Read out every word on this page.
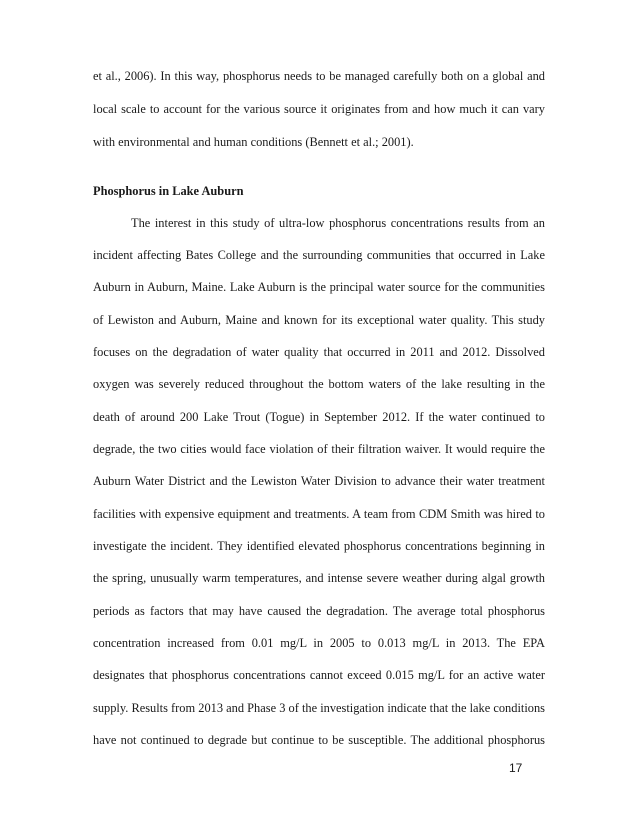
et al., 2006). In this way, phosphorus needs to be managed carefully both on a global and
local scale to account for the various source it originates from and how much it can vary
with environmental and human conditions (Bennett et al.; 2001).
Phosphorus in Lake Auburn
The interest in this study of ultra-low phosphorus concentrations results from an
incident affecting Bates College and the surrounding communities that occurred in Lake
Auburn in Auburn, Maine. Lake Auburn is the principal water source for the communities
of Lewiston and Auburn, Maine and known for its exceptional water quality. This study
focuses on the degradation of water quality that occurred in 2011 and 2012. Dissolved
oxygen was severely reduced throughout the bottom waters of the lake resulting in the
death of around 200 Lake Trout (Togue) in September 2012. If the water continued to
degrade, the two cities would face violation of their filtration waiver. It would require the
Auburn Water District and the Lewiston Water Division to advance their water treatment
facilities with expensive equipment and treatments. A team from CDM Smith was hired to
investigate the incident. They identified elevated phosphorus concentrations beginning in
the spring, unusually warm temperatures, and intense severe weather during algal growth
periods as factors that may have caused the degradation. The average total phosphorus
concentration increased from 0.01 mg/L in 2005 to 0.013 mg/L in 2013. The EPA
designates that phosphorus concentrations cannot exceed 0.015 mg/L for an active water
supply. Results from 2013 and Phase 3 of the investigation indicate that the lake conditions
have not continued to degrade but continue to be susceptible. The additional phosphorus
17
